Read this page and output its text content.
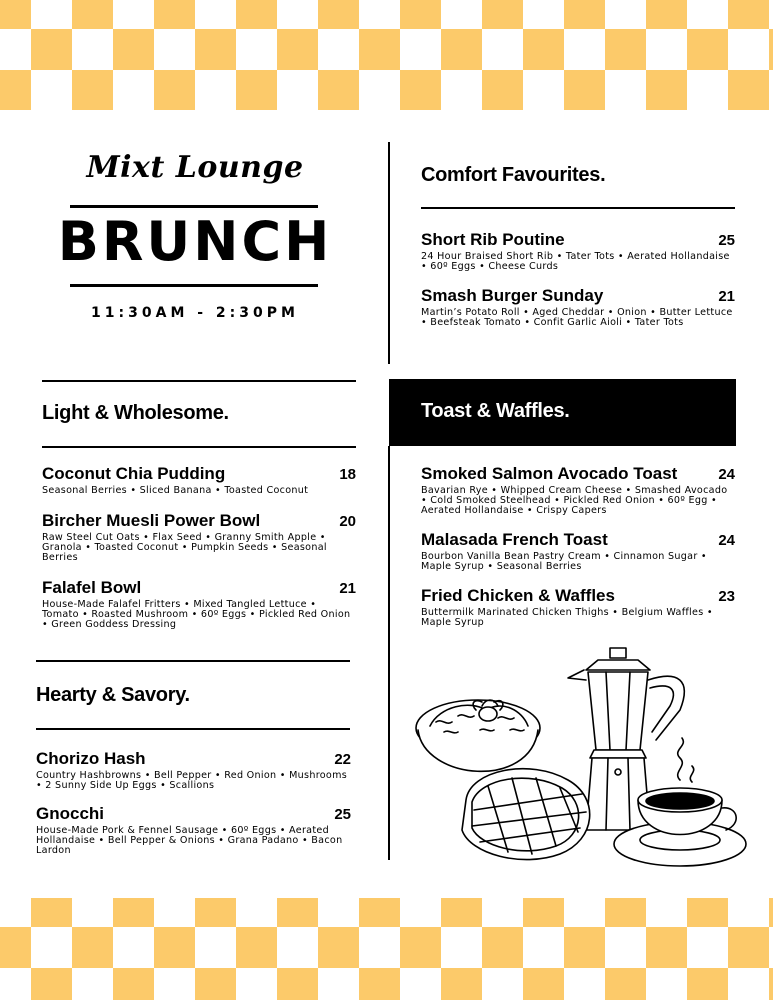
Mixt Lounge
BRUNCH
11:30AM - 2:30PM
Light & Wholesome.
Coconut Chia Pudding	18
Seasonal Berries • Sliced Banana • Toasted Coconut
Bircher Muesli Power Bowl	20
Raw Steel Cut Oats • Flax Seed • Granny Smith Apple • Granola • Toasted Coconut • Pumpkin Seeds • Seasonal Berries
Falafel Bowl	21
House-Made Falafel Fritters • Mixed Tangled Lettuce • Tomato • Roasted Mushroom • 60º Eggs • Pickled Red Onion • Green Goddess Dressing
Hearty & Savory.
Chorizo Hash	22
Country Hashbrowns • Bell Pepper • Red Onion • Mushrooms • 2 Sunny Side Up Eggs • Scallions
Gnocchi	25
House-Made Pork & Fennel Sausage • 60º Eggs • Aerated Hollandaise • Bell Pepper & Onions • Grana Padano • Bacon Lardon
Comfort Favourites.
Short Rib Poutine	25
24 Hour Braised Short Rib • Tater Tots • Aerated Hollandaise • 60º Eggs • Cheese Curds
Smash Burger Sunday	21
Martin’s Potato Roll • Aged Cheddar • Onion • Butter Lettuce • Beefsteak Tomato • Confit Garlic Aioli • Tater Tots
Toast & Waffles.
Smoked Salmon Avocado Toast	24
Bavarian Rye • Whipped Cream Cheese • Smashed Avocado • Cold Smoked Steelhead • Pickled Red Onion • 60º Egg • Aerated Hollandaise • Crispy Capers
Malasada French Toast	24
Bourbon Vanilla Bean Pastry Cream • Cinnamon Sugar • Maple Syrup • Seasonal Berries
Fried Chicken & Waffles	23
Buttermilk Marinated Chicken Thighs • Belgium Waffles • Maple Syrup
